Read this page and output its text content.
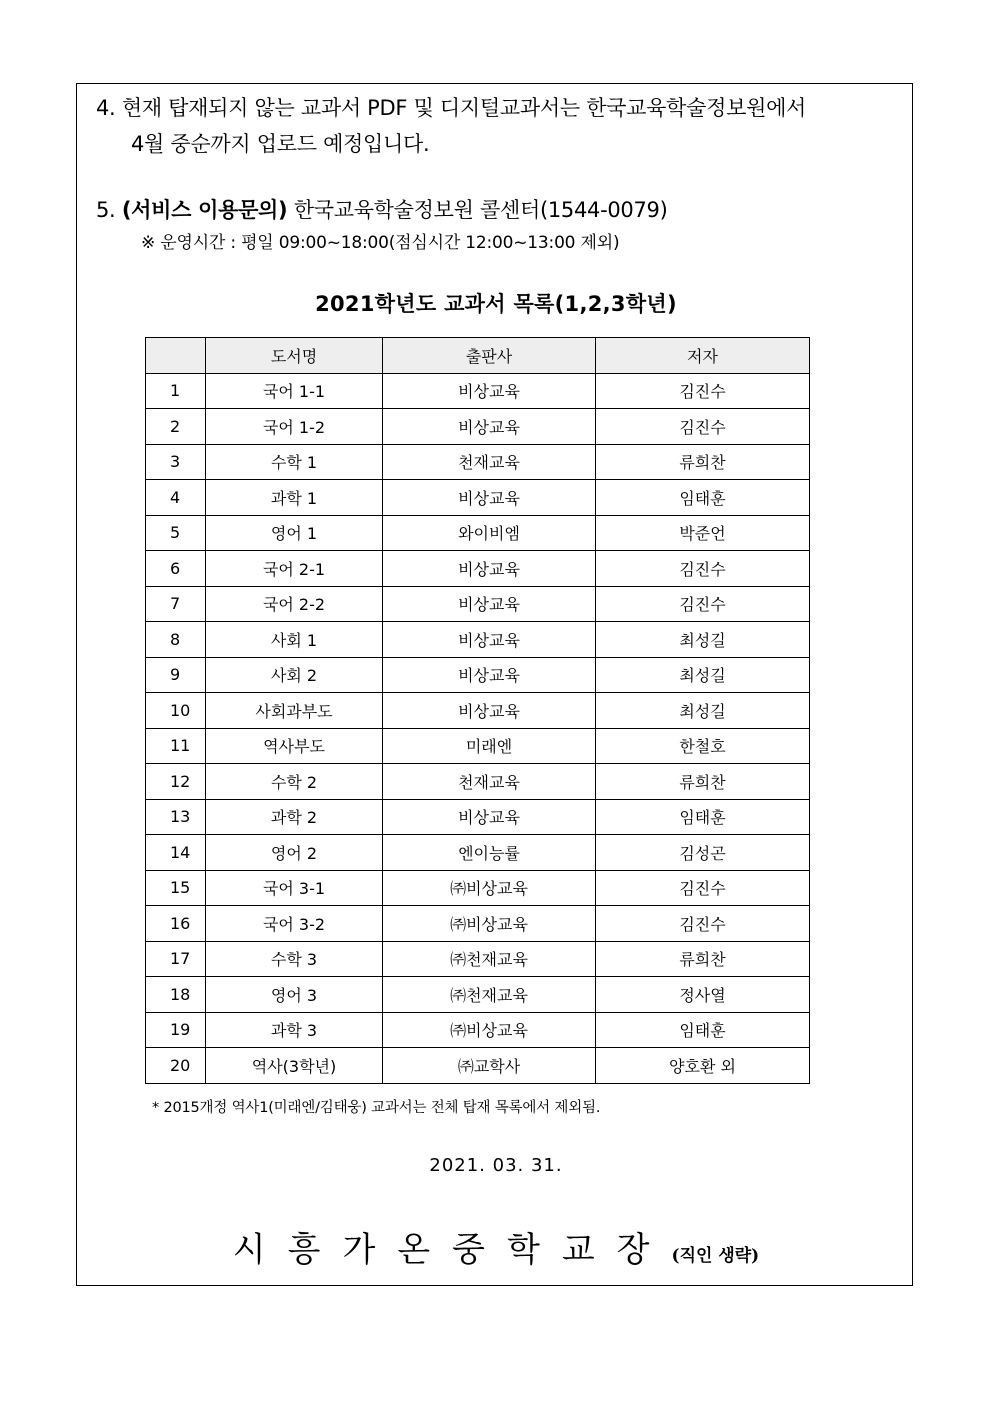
4. 현재 탑재되지 않는 교과서 PDF 및 디지털교과서는 한국교육학술정보원에서
4월 중순까지 업로드 예정입니다.
5. (서비스 이용문의) 한국교육학술정보원 콜센터(1544-0079)
※ 운영시간 : 평일 09:00~18:00(점심시간 12:00~13:00 제외)
2021학년도 교과서 목록(1,2,3학년)
	도서명	출판사	저자
1	국어 1-1	비상교육	김진수
2	국어 1-2	비상교육	김진수
3	수학 1	천재교육	류희찬
4	과학 1	비상교육	임태훈
5	영어 1	와이비엠	박준언
6	국어 2-1	비상교육	김진수
7	국어 2-2	비상교육	김진수
8	사회 1	비상교육	최성길
9	사회 2	비상교육	최성길
10	사회과부도	비상교육	최성길
11	역사부도	미래엔	한철호
12	수학 2	천재교육	류희찬
13	과학 2	비상교육	임태훈
14	영어 2	엔이능률	김성곤
15	국어 3-1	㈜비상교육	김진수
16	국어 3-2	㈜비상교육	김진수
17	수학 3	㈜천재교육	류희찬
18	영어 3	㈜천재교육	정사열
19	과학 3	㈜비상교육	임태훈
20	역사(3학년)	㈜교학사	양호환 외
* 2015개정 역사1(미래엔/김태웅) 교과서는 전체 탑재 목록에서 제외됨.
2021. 03. 31.
시흥가온중학교장(직인 생략)
